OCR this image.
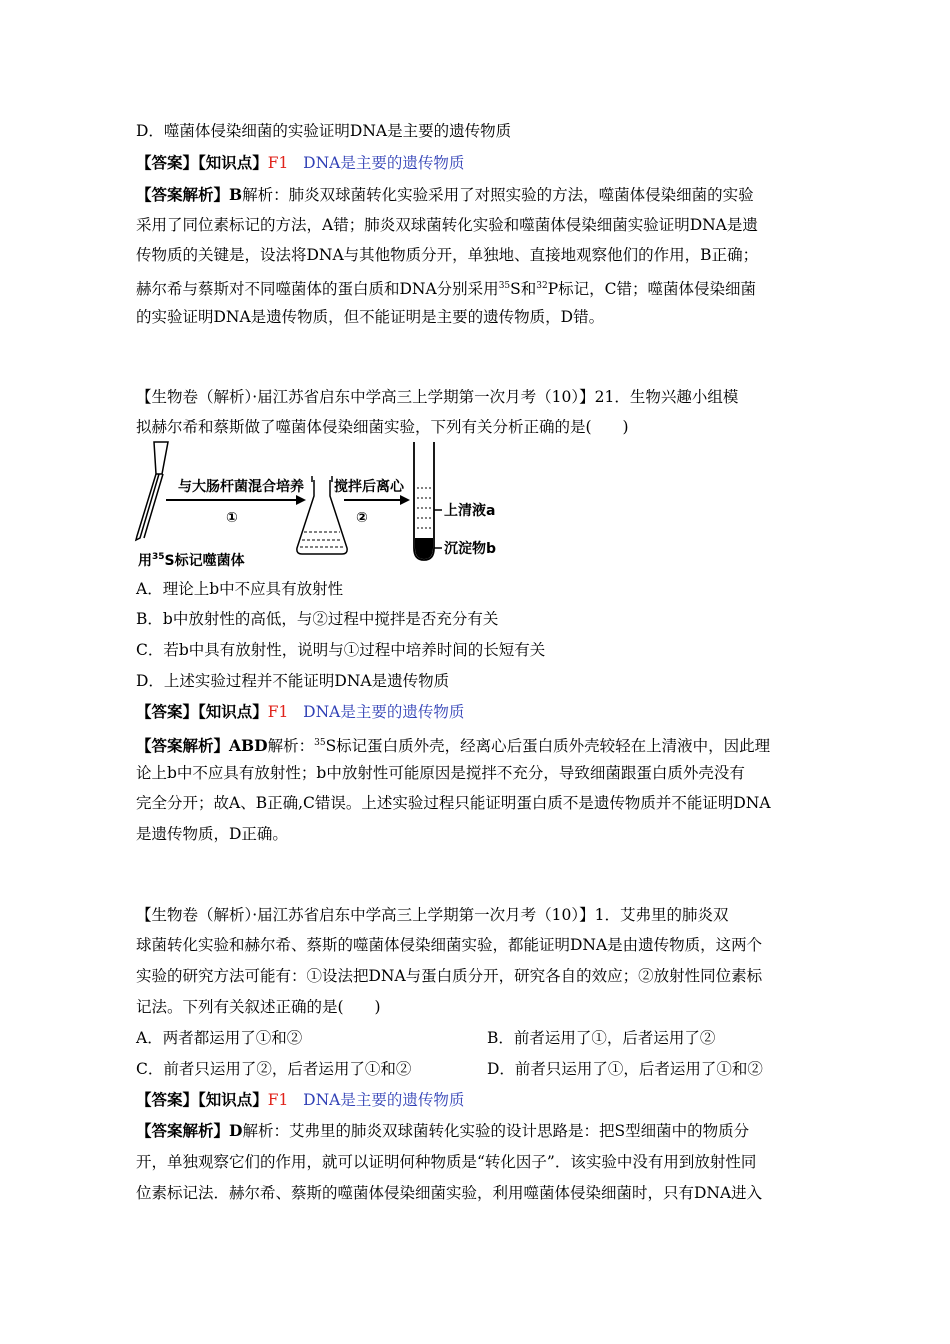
D．噬菌体侵染细菌的实验证明DNA是主要的遗传物质
【答案】【知识点】F1 DNA是主要的遗传物质
【答案解析】B解析：肺炎双球菌转化实验采用了对照实验的方法，噬菌体侵染细菌的实验
采用了同位素标记的方法，A错；肺炎双球菌转化实验和噬菌体侵染细菌实验证明DNA是遗
传物质的关键是，设法将DNA与其他物质分开，单独地、直接地观察他们的作用，B正确；
赫尔希与蔡斯对不同噬菌体的蛋白质和DNA分别采用$^{35}$S和$^{32}$P标记，C错；噬菌体侵染细菌
的实验证明DNA是遗传物质，但不能证明是主要的遗传物质，D错。
【生物卷（解析）·届江苏省启东中学高三上学期第一次月考（10）】21．生物兴趣小组模
拟赫尔希和蔡斯做了噬菌体侵染细菌实验，下列有关分析正确的是(　　)
与大肠杆菌混合培养
①
搅拌后离心
②	上清液a
沉淀物b
用$^{35}$S标记噬菌体
A．理论上b中不应具有放射性
B．b中放射性的高低，与②过程中搅拌是否充分有关
C．若b中具有放射性，说明与①过程中培养时间的长短有关
D．上述实验过程并不能证明DNA是遗传物质
【答案】【知识点】F1 DNA是主要的遗传物质
【答案解析】ABD解析：$^{35}$S标记蛋白质外壳，经离心后蛋白质外壳较轻在上清液中，因此理
论上b中不应具有放射性；b中放射性可能原因是搅拌不充分，导致细菌跟蛋白质外壳没有
完全分开；故A、B正确,C错误。上述实验过程只能证明蛋白质不是遗传物质并不能证明DNA
是遗传物质，D正确。
【生物卷（解析）·届江苏省启东中学高三上学期第一次月考（10）】1．艾弗里的肺炎双
球菌转化实验和赫尔希、蔡斯的噬菌体侵染细菌实验，都能证明DNA是由遗传物质，这两个
实验的研究方法可能有：①设法把DNA与蛋白质分开，研究各自的效应；②放射性同位素标
记法。下列有关叙述正确的是(　　)
A．两者都运用了①和②	B．前者运用了①，后者运用了②
C．前者只运用了②，后者运用了①和②	D．前者只运用了①，后者运用了①和②
【答案】【知识点】F1 DNA是主要的遗传物质
【答案解析】D解析：艾弗里的肺炎双球菌转化实验的设计思路是：把S型细菌中的物质分
开，单独观察它们的作用，就可以证明何种物质是“转化因子”．该实验中没有用到放射性同
位素标记法．赫尔希、蔡斯的噬菌体侵染细菌实验，利用噬菌体侵染细菌时，只有DNA进入
